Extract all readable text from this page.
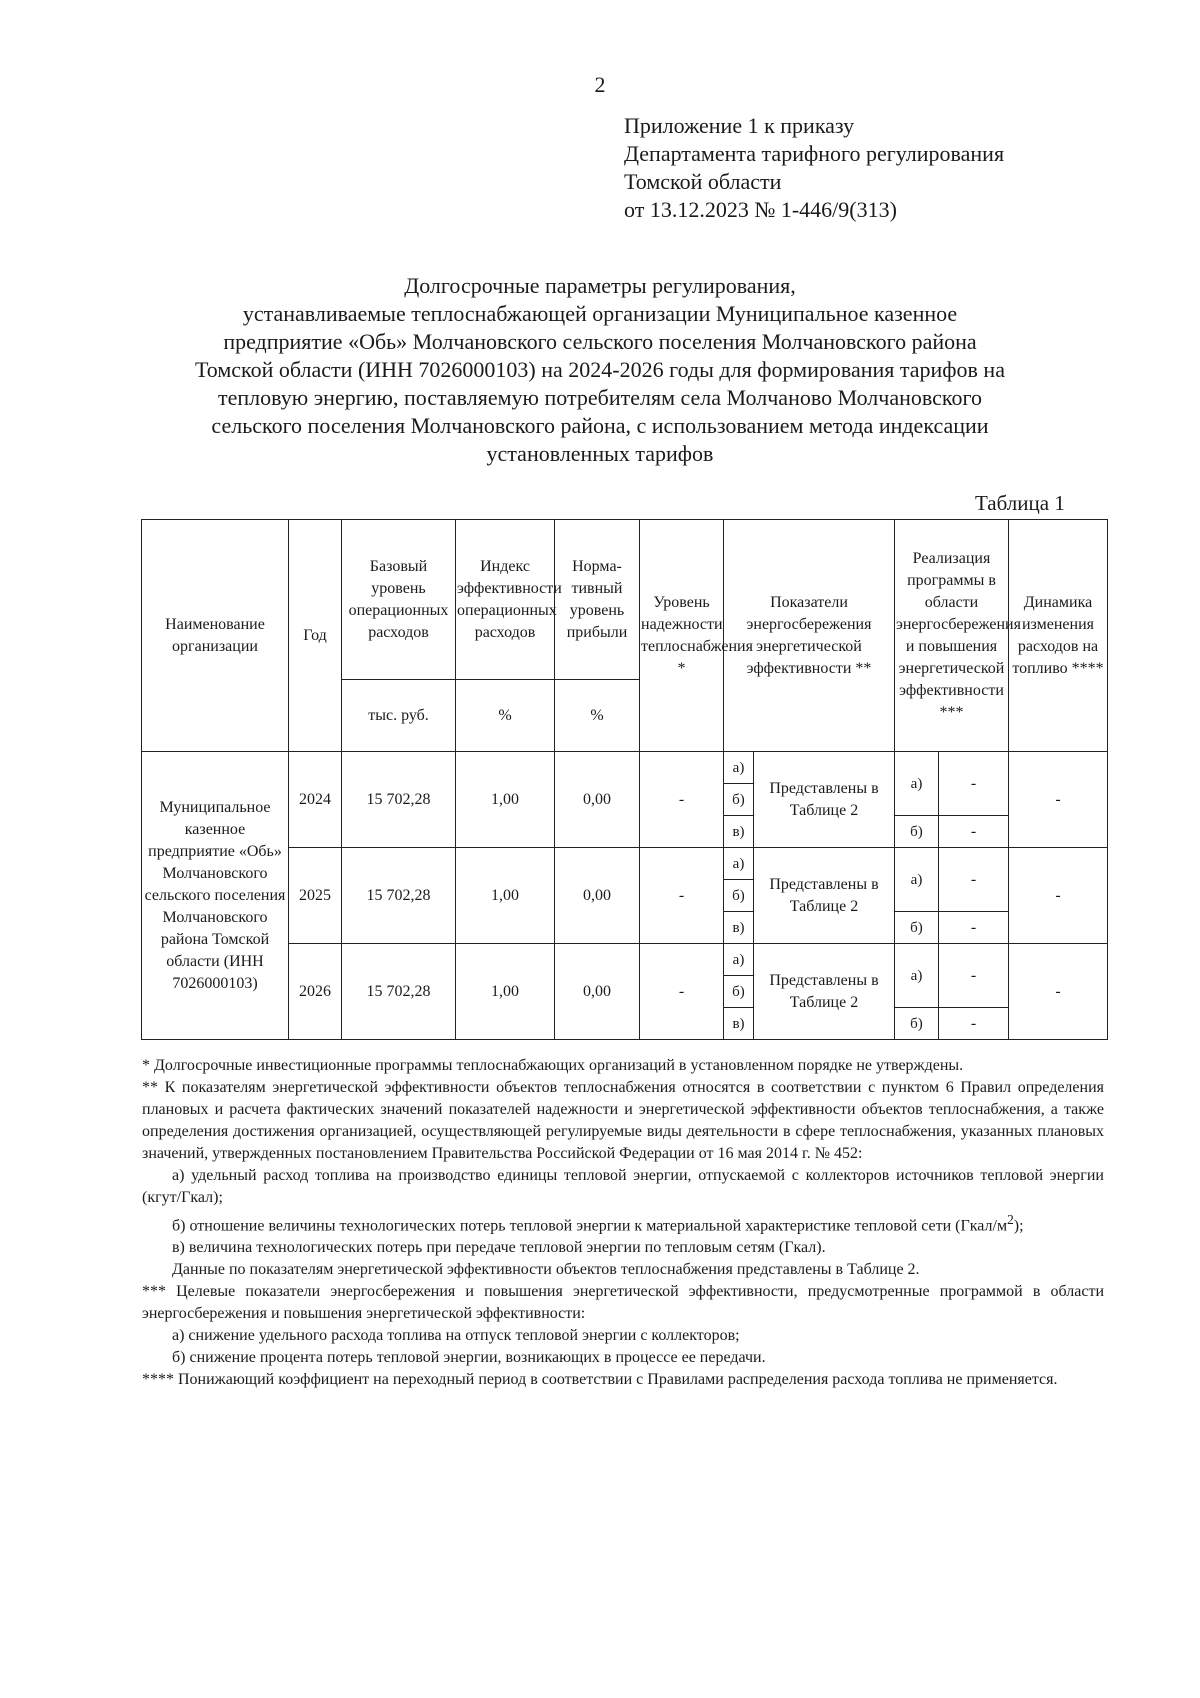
2
Приложение 1 к приказу
Департамента тарифного регулирования
Томской области
от 13.12.2023 № 1-446/9(313)
Долгосрочные параметры регулирования,
устанавливаемые теплоснабжающей организации Муниципальное казенное
предприятие «Обь» Молчановского сельского поселения Молчановского района
Томской области (ИНН 7026000103) на 2024-2026 годы для формирования тарифов на
тепловую энергию, поставляемую потребителям села Молчаново Молчановского
сельского поселения Молчановского района, с использованием метода индексации
установленных тарифов
Таблица 1
Наименование организации	Год	Базовый уровень операционных расходов	Индекс эффективности операционных расходов	Норма-тивный уровень прибыли	Уровень надежности теплоснабжения *	Показатели энергосбережения энергетической эффективности **		Реализация программы в области энергосбережения и повышения энергетической эффективности ***		Динамика изменения расходов на топливо ****
		тыс. руб.	%	%						
Муниципальное казенное предприятие «Обь» Молчановского сельского поселения Молчановского района Томской области (ИНН 7026000103)	2024	15 702,28	1,00	0,00	-	а)	Представлены в Таблице 2	а)	-	-
						б)				
						в)		б)	-	
	2025	15 702,28	1,00	0,00	-	а)	Представлены в Таблице 2	а)	-	-
						б)				
						в)		б)	-	
	2026	15 702,28	1,00	0,00	-	а)	Представлены в Таблице 2	а)	-	-
						б)				
						в)		б)	-	

* Долгосрочные инвестиционные программы теплоснабжающих организаций в установленном порядке не утверждены.

** К показателям энергетической эффективности объектов теплоснабжения относятся в соответствии с пунктом 6 Правил определения плановых и расчета фактических значений показателей надежности и энергетической эффективности объектов теплоснабжения, а также определения достижения организацией, осуществляющей регулируемые виды деятельности в сфере теплоснабжения, указанных плановых значений, утвержденных постановлением Правительства Российской Федерации от 16 мая 2014 г. № 452:

а) удельный расход топлива на производство единицы тепловой энергии, отпускаемой с коллекторов источников тепловой энергии (кгут/Гкал);

б) отношение величины технологических потерь тепловой энергии к материальной характеристике тепловой сети $(Гкал/м^2)$;

в) величина технологических потерь при передаче тепловой энергии по тепловым сетям (Гкал).

Данные по показателям энергетической эффективности объектов теплоснабжения представлены в Таблице 2.

*** Целевые показатели энергосбережения и повышения энергетической эффективности, предусмотренные программой в области энергосбережения и повышения энергетической эффективности:

а) снижение удельного расхода топлива на отпуск тепловой энергии с коллекторов;

б) снижение процента потерь тепловой энергии, возникающих в процессе ее передачи.

**** Понижающий коэффициент на переходный период в соответствии с Правилами распределения расхода топлива не применяется.
